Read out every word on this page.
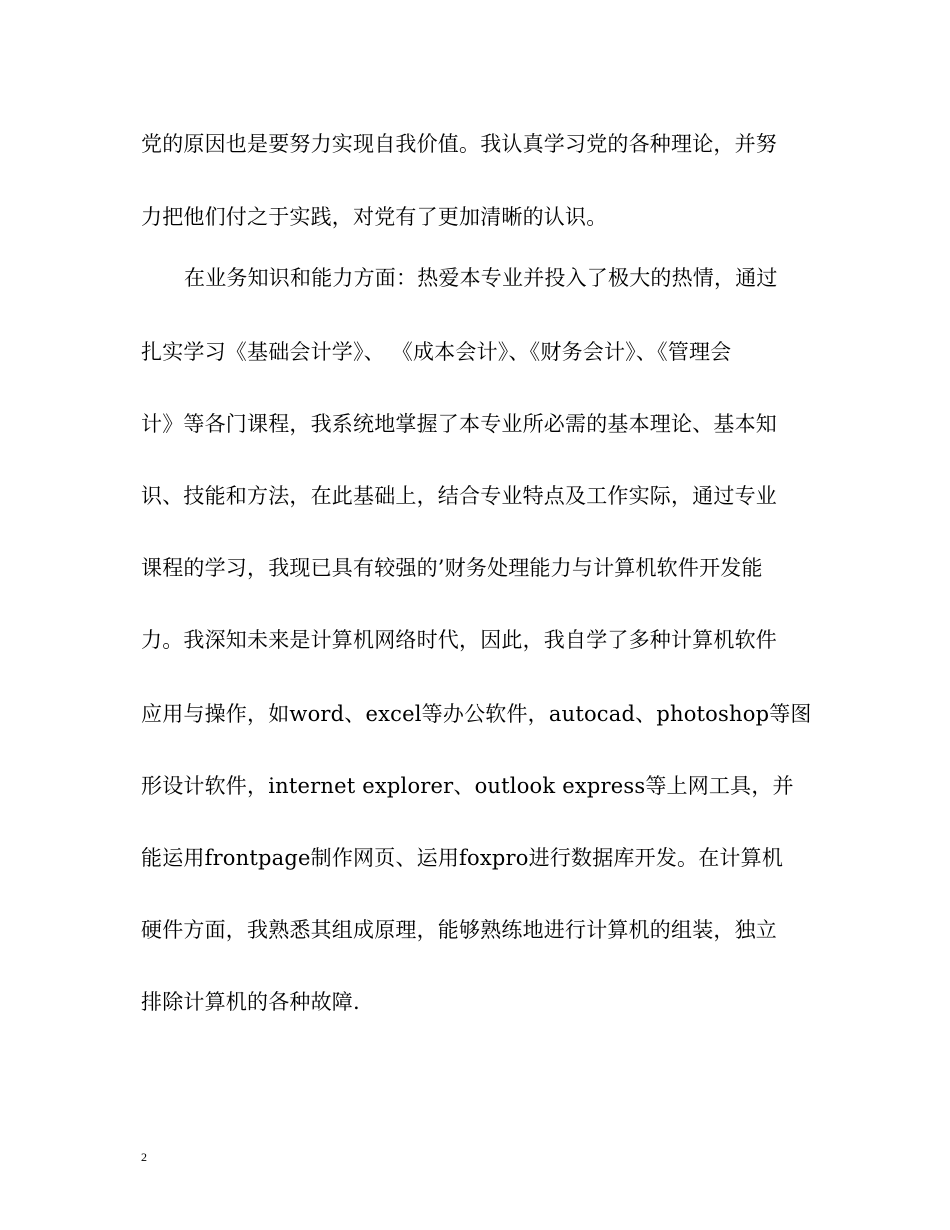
党的原因也是要努力实现自我价值。我认真学习党的各种理论，并努
力把他们付之于实践，对党有了更加清晰的认识。
在业务知识和能力方面：热爱本专业并投入了极大的热情，通过
扎实学习《基础会计学》、 《成本会计》、《财务会计》、《管理会
计》等各门课程，我系统地掌握了本专业所必需的基本理论、基本知
识、技能和方法，在此基础上，结合专业特点及工作实际，通过专业
课程的学习，我现已具有较强的’财务处理能力与计算机软件开发能
力。我深知未来是计算机网络时代，因此，我自学了多种计算机软件
应用与操作，如word、excel等办公软件，autocad、photoshop等图
形设计软件，internet explorer、outlook express等上网工具，并
能运用frontpage制作网页、运用foxpro进行数据库开发。在计算机
硬件方面，我熟悉其组成原理，能够熟练地进行计算机的组装，独立
排除计算机的各种故障.
2
